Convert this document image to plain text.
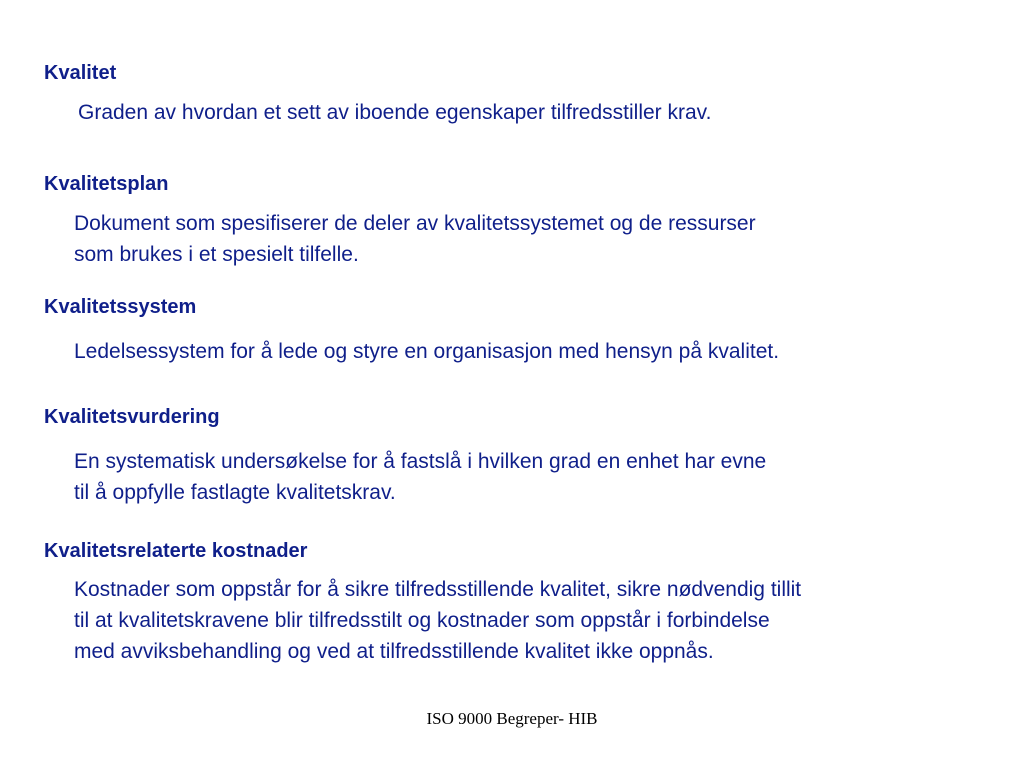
Kvalitet
Graden av hvordan et sett av iboende egenskaper tilfredsstiller krav.
Kvalitetsplan
Dokument som spesifiserer de deler av kvalitetssystemet og de ressurser
som brukes i et spesielt tilfelle.
Kvalitetssystem
Ledelsessystem for å lede og styre en organisasjon med hensyn på kvalitet.
Kvalitetsvurdering
En systematisk undersøkelse for å fastslå i hvilken grad en enhet har evne
til å oppfylle fastlagte kvalitetskrav.
Kvalitetsrelaterte kostnader
Kostnader som oppstår for å sikre tilfredsstillende kvalitet, sikre nødvendig tillit
til at kvalitetskravene blir tilfredsstilt og kostnader som oppstår i forbindelse
med avviksbehandling og ved at tilfredsstillende kvalitet ikke oppnås.
ISO 9000 Begreper- HIB
